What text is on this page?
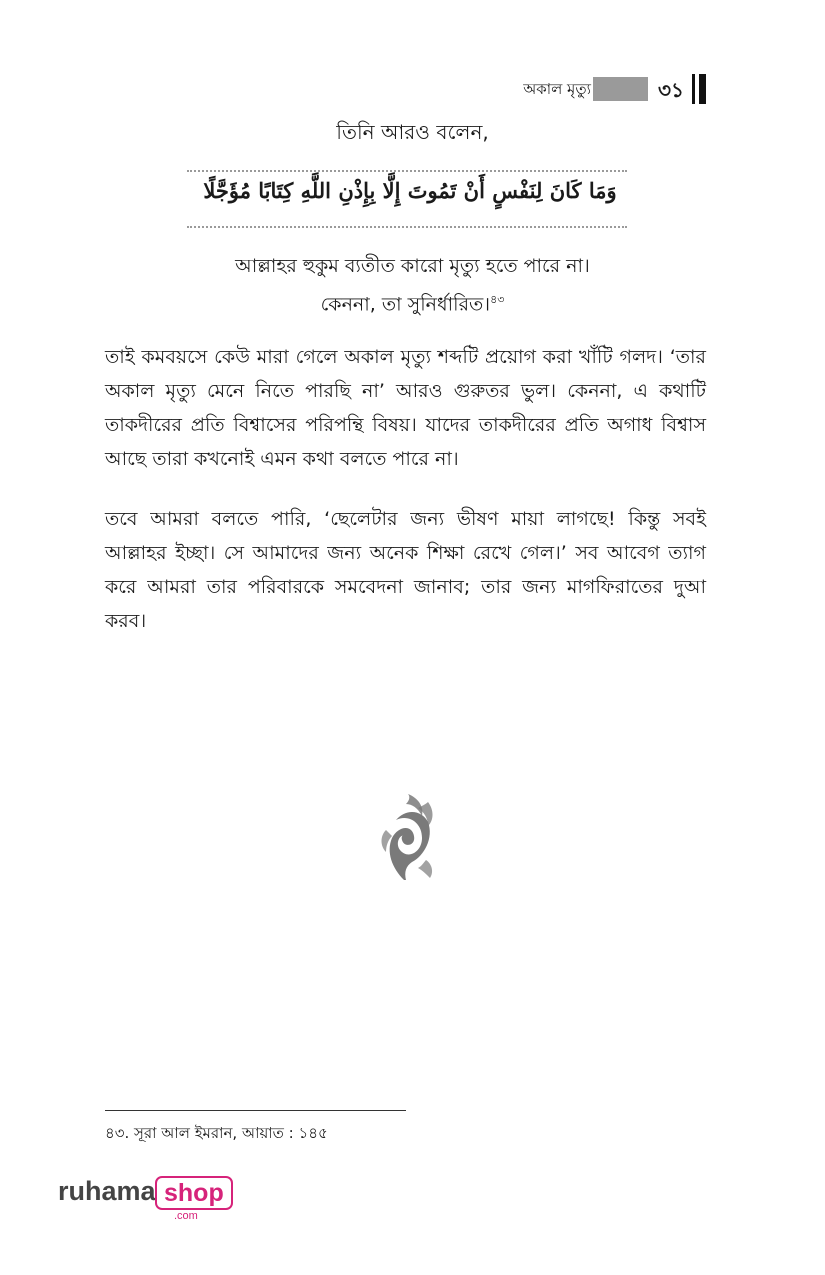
অকাল মৃত্যু	৩১
তিনি আরও বলেন,
وَمَا كَانَ لِنَفْسٍ أَنْ تَمُوتَ إِلَّا بِإِذْنِ اللَّهِ كِتَابًا مُؤَجَّلًا
আল্লাহর হুকুম ব্যতীত কারো মৃত্যু হতে পারে না।
কেননা, তা সুনির্ধারিত।$^{৪৩}$

তাই কমবয়সে কেউ মারা গেলে অকাল মৃত্যু শব্দটি প্রয়োগ করা খাঁটি গলদ। ‘তার অকাল মৃত্যু মেনে নিতে পারছি না’ আরও গুরুতর ভুল। কেননা, এ কথাটি তাকদীরের প্রতি বিশ্বাসের পরিপন্থি বিষয়। যাদের তাকদীরের প্রতি অগাধ বিশ্বাস আছে তারা কখনোই এমন কথা বলতে পারে না।

তবে আমরা বলতে পারি, ‘ছেলেটার জন্য ভীষণ মায়া লাগছে! কিন্তু সবই আল্লাহর ইচ্ছা। সে আমাদের জন্য অনেক শিক্ষা রেখে গেল।’ সব আবেগ ত্যাগ করে আমরা তার পরিবারকে সমবেদনা জানাব; তার জন্য মাগফিরাতের দুআ করব।

৪৩. সূরা আল ইমরান, আয়াত : ১৪৫
ruhama shop
.com
